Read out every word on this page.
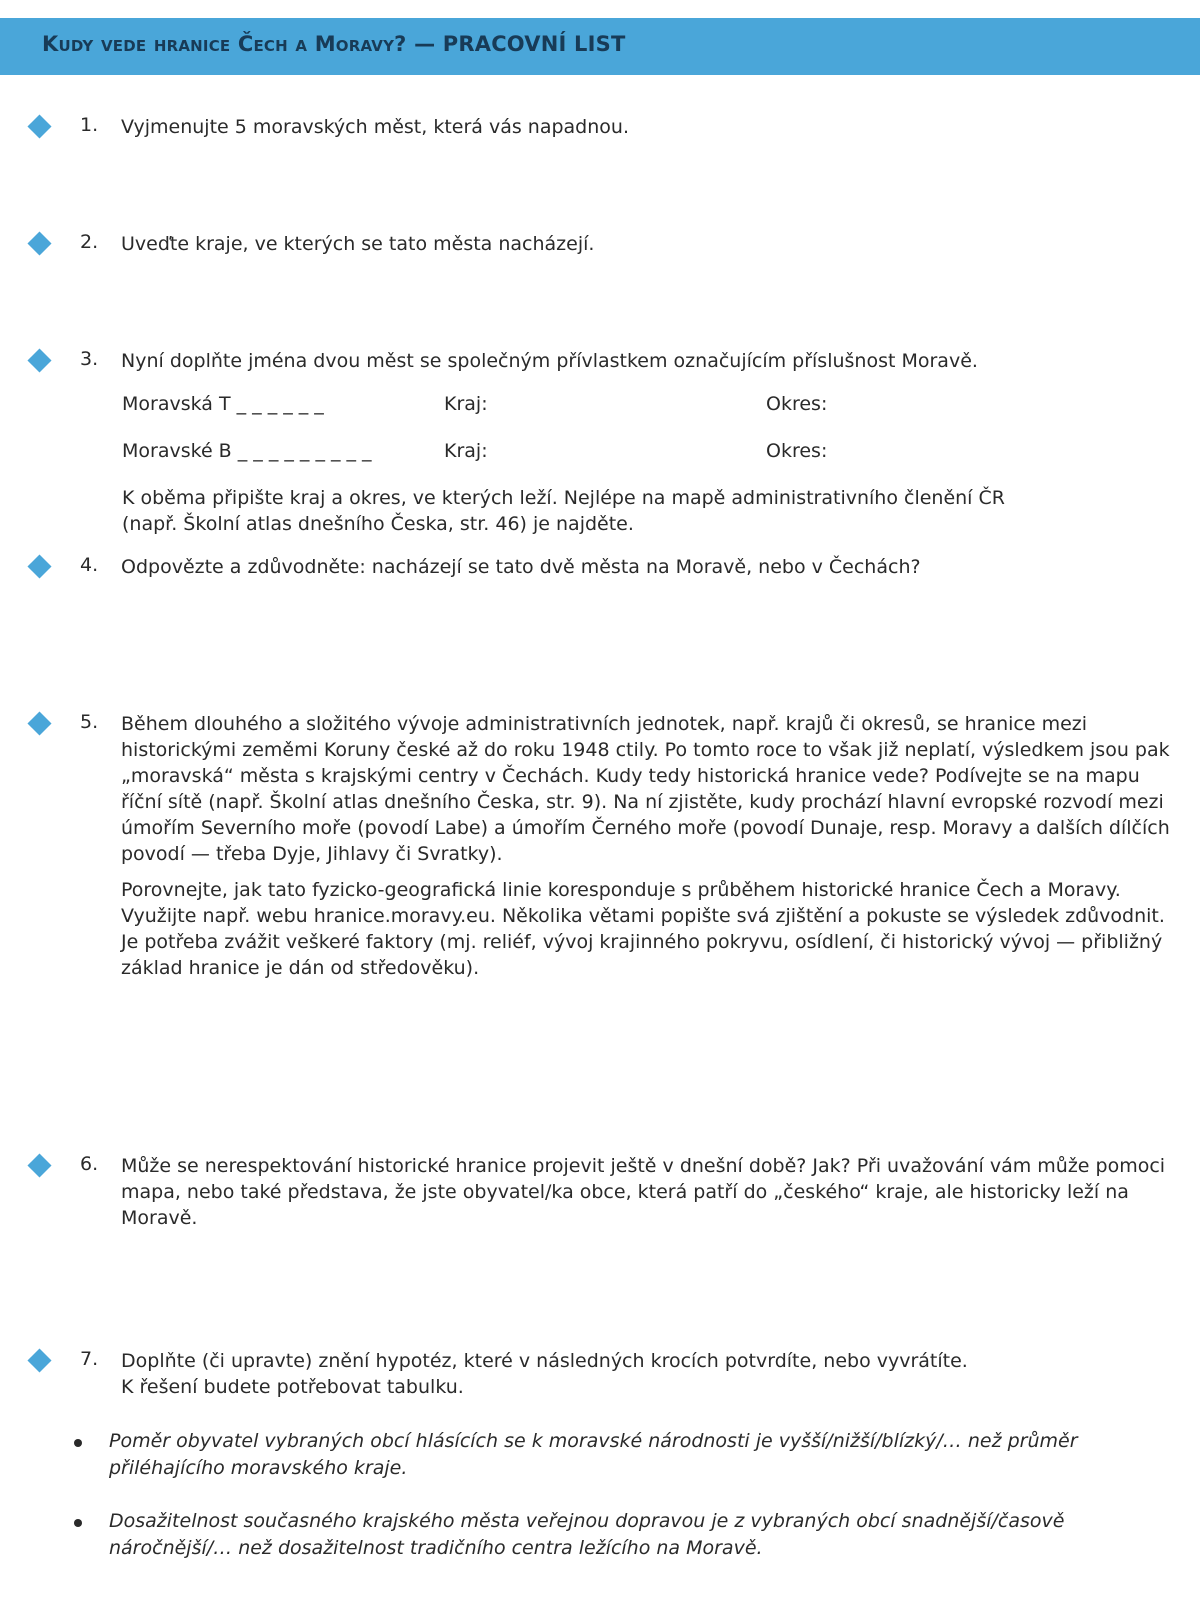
Kudy vede hranice Čech a Moravy? — PRACOVNÍ LIST
1. Vyjmenujte 5 moravských měst, která vás napadnou.
2. Uveďte kraje, ve kterých se tato města nacházejí.
3. Nyní doplňte jména dvou měst se společným přívlastkem označujícím příslušnost Moravě.
Moravská T _ _ _ _ _ _	Kraj:	Okres:
Moravské B _ _ _ _ _ _ _ _ _	Kraj:	Okres:
K oběma připište kraj a okres, ve kterých leží. Nejlépe na mapě administrativního členění ČR
(např. Školní atlas dnešního Česka, str. 46) je najděte.
4. Odpovězte a zdůvodněte: nacházejí se tato dvě města na Moravě, nebo v Čechách?
5. Během dlouhého a složitého vývoje administrativních jednotek, např. krajů či okresů, se hranice mezi historickými zeměmi Koruny české až do roku 1948 ctily. Po tomto roce to však již neplatí, výsledkem jsou pak „moravská“ města s krajskými centry v Čechách. Kudy tedy historická hranice vede? Podívejte se na mapu říční sítě (např. Školní atlas dnešního Česka, str. 9). Na ní zjistěte, kudy prochází hlavní evropské rozvodí mezi úmořím Severního moře (povodí Labe) a úmořím Černého moře (povodí Dunaje, resp. Moravy a dalších dílčích povodí — třeba Dyje, Jihlavy či Svratky).

Porovnejte, jak tato fyzicko-geografická linie koresponduje s průběhem historické hranice Čech a Moravy. Využijte např. webu hranice.moravy.eu. Několika větami popište svá zjištění a pokuste se výsledek zdůvodnit. Je potřeba zvážit veškeré faktory (mj. reliéf, vývoj krajinného pokryvu, osídlení, či historický vývoj — přibližný základ hranice je dán od středověku).

6. Může se nerespektování historické hranice projevit ještě v dnešní době? Jak? Při uvažování vám může pomoci mapa, nebo také představa, že jste obyvatel/ka obce, která patří do „českého“ kraje, ale historicky leží na Moravě.
7. Doplňte (či upravte) znění hypotéz, které v následných krocích potvrdíte, nebo vyvrátíte.
K řešení budete potřebovat tabulku.
Poměr obyvatel vybraných obcí hlásících se k moravské národnosti je vyšší/nižší/blízký/… než průměr přiléhajícího moravského kraje.
Dosažitelnost současného krajského města veřejnou dopravou je z vybraných obcí snadnější/časově náročnější/… než dosažitelnost tradičního centra ležícího na Moravě.
